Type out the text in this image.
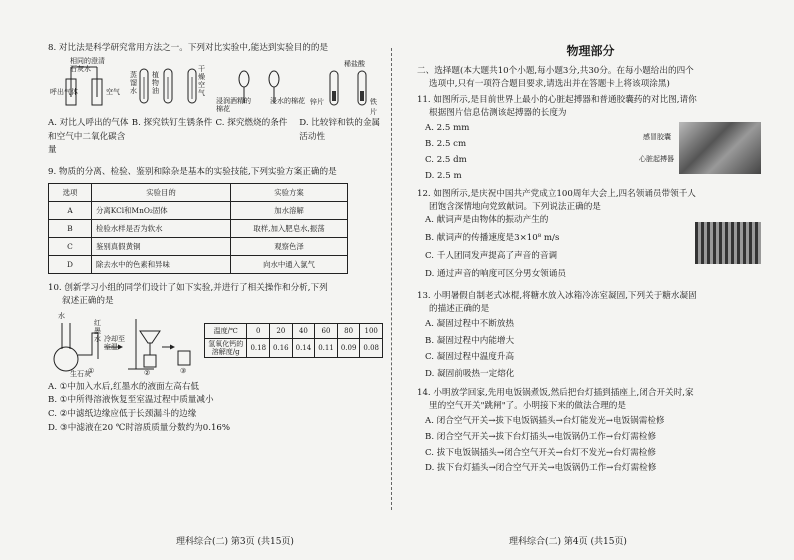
8. 对比法是科学研究常用方法之一。下列对比实验中,能达到实验目的的是
相同的澄清石灰水
呼出气体	空气
蒸馏水
植物油
干燥空气
浸润酒精的棉花
浸水的棉花
稀盐酸
锌片	铁片
A. 对比人呼出的气体和空气中二氧化碳含量
B. 探究铁钉生锈条件 C. 探究燃烧的条件	D. 比较锌和铁的金属活动性
9. 物质的分离、检验、鉴别和除杂是基本的实验技能,下列实验方案正确的是
选项	实验目的	实验方案
A	分离KCl和MnO₂固体	加水溶解
B	检验水样是否为软水	取样,加入肥皂水,振荡
C	鉴别真假黄铜	观察色泽
D	除去水中的色素和异味	向水中通入氯气
10. 创新学习小组的同学们设计了如下实验,并进行了相关操作和分析,下列
叙述正确的是
水
红墨水
生石灰
冷却至室温
①	②	③
温度/℃	0	20	40	60	80	100
氢氧化钙的溶解度/g	0.18	0.16	0.14	0.11	0.09	0.08
A. ①中加入水后,红墨水的液面左高右低
B. ①中所得溶液恢复至室温过程中质量减小
C. ②中滤纸边缘应低于长颈漏斗的边缘
D. ③中滤液在20 ℃时溶质质量分数约为0.16%
理科综合(二) 第3页 (共15页)
物理部分
二、选择题(本大题共10个小题,每小题3分,共30分。在每小题给出的四个
选项中,只有一项符合题目要求,请选出并在答题卡上将该项涂黑)
11. 如图所示,是目前世界上最小的心脏起搏器和普通胶囊药的对比图,请你
根据图片信息估测该起搏器的长度为
A. 2.5 mm
B. 2.5 cm
C. 2.5 dm
D. 2.5 m
感冒胶囊
心脏起搏器
12. 如图所示,是庆祝中国共产党成立100周年大会上,四名领诵员带领千人
团饱含深情地向党致献词。下列说法正确的是
A. 献词声是由物体的振动产生的
B. 献词声的传播速度是3×10⁸ m/s
C. 千人团同发声提高了声音的音调
D. 通过声音的响度可区分男女领诵员
13. 小明暑假自制老式冰棍,将糖水放入冰箱冷冻室凝固,下列关于糖水凝固
的描述正确的是
A. 凝固过程中不断放热
B. 凝固过程中内能增大
C. 凝固过程中温度升高
D. 凝固前吸热一定熔化
14. 小明放学回家,先用电饭锅煮饭,然后把台灯插到插座上,闭合开关时,家
里的空气开关"跳闸"了。小明接下来的做法合理的是
A. 闭合空气开关→拔下电饭锅插头→台灯能发光→电饭锅需检修
B. 闭合空气开关→拔下台灯插头→电饭锅仍工作→台灯需检修
C. 拔下电饭锅插头→闭合空气开关→台灯不发光→台灯需检修
D. 拔下台灯插头→闭合空气开关→电饭锅仍工作→台灯需检修
理科综合(二) 第4页 (共15页)
